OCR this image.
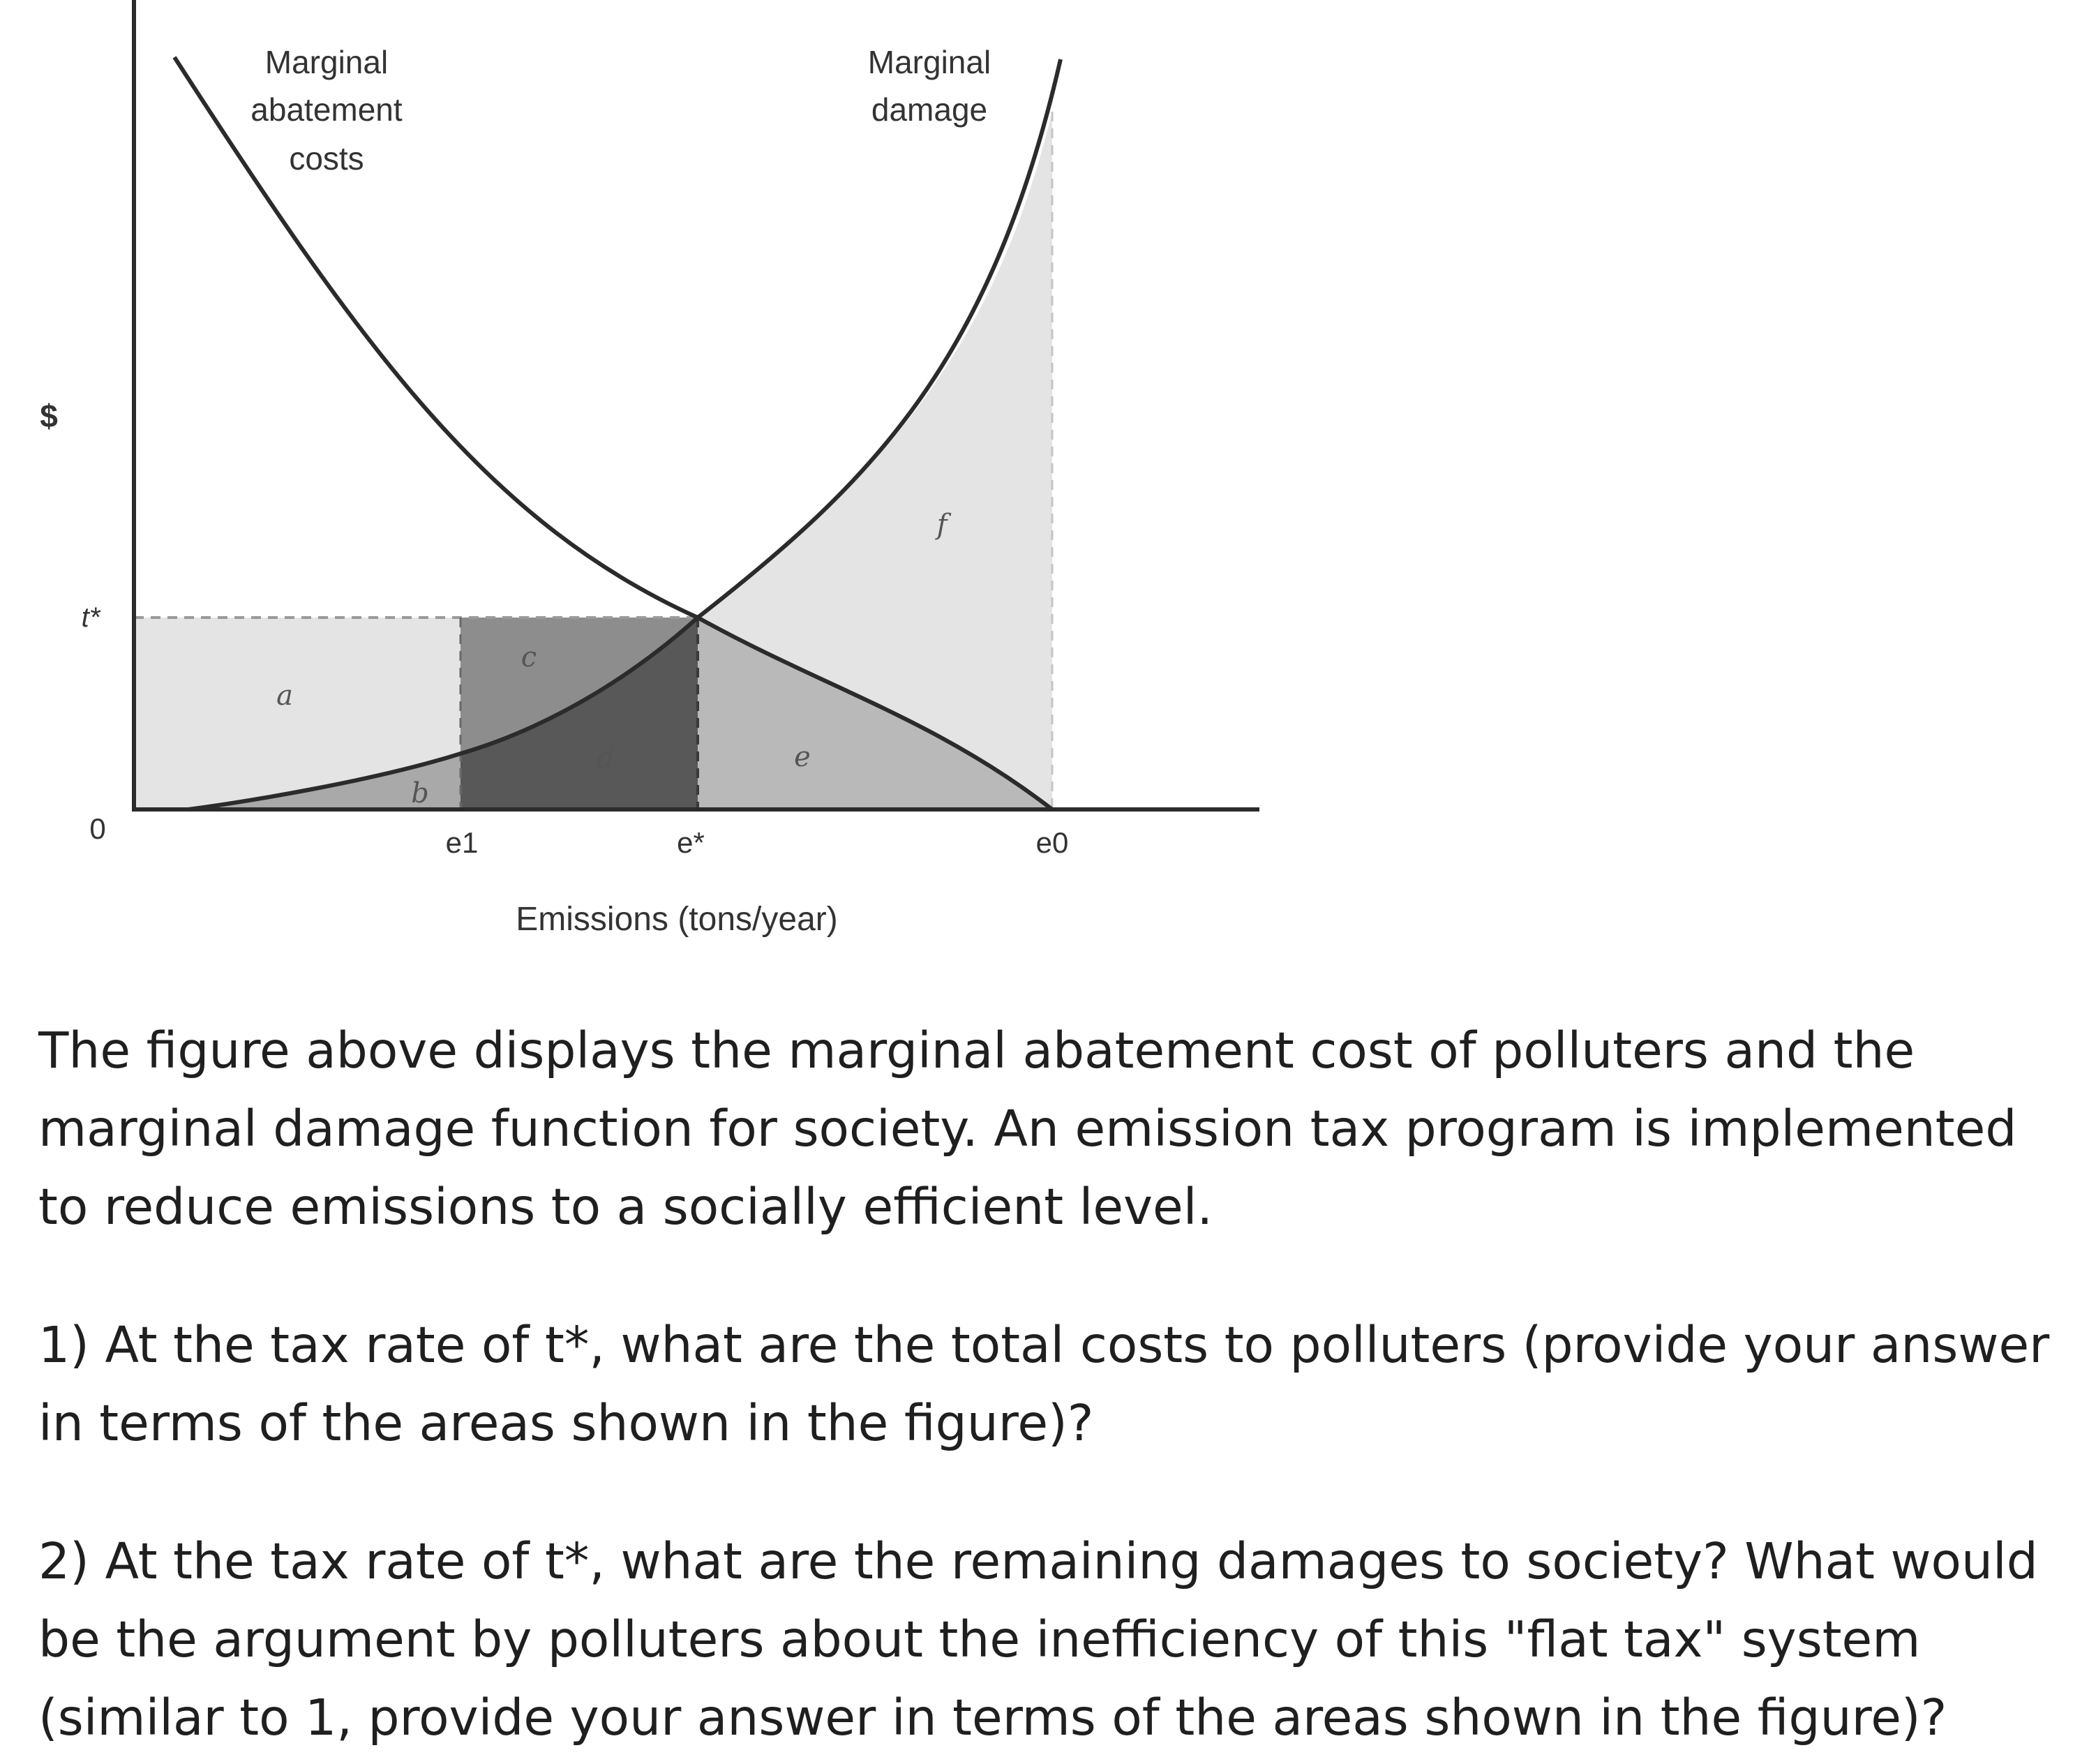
Marginal
abatement
costs
Marginal
damage
$
t*
0	e1	e*	e0
Emissions (tons/year)
a
b
c
d	e
f

The figure above displays the marginal abatement cost of polluters and the marginal damage function for society. An emission tax program is implemented to reduce emissions to a socially efficient level.

1) At the tax rate of t*, what are the total costs to polluters (provide your answer in terms of the areas shown in the figure)?

2) At the tax rate of t*, what are the remaining damages to society? What would be the argument by polluters about the inefficiency of this "flat tax" system (similar to 1, provide your answer in terms of the areas shown in the figure)?
